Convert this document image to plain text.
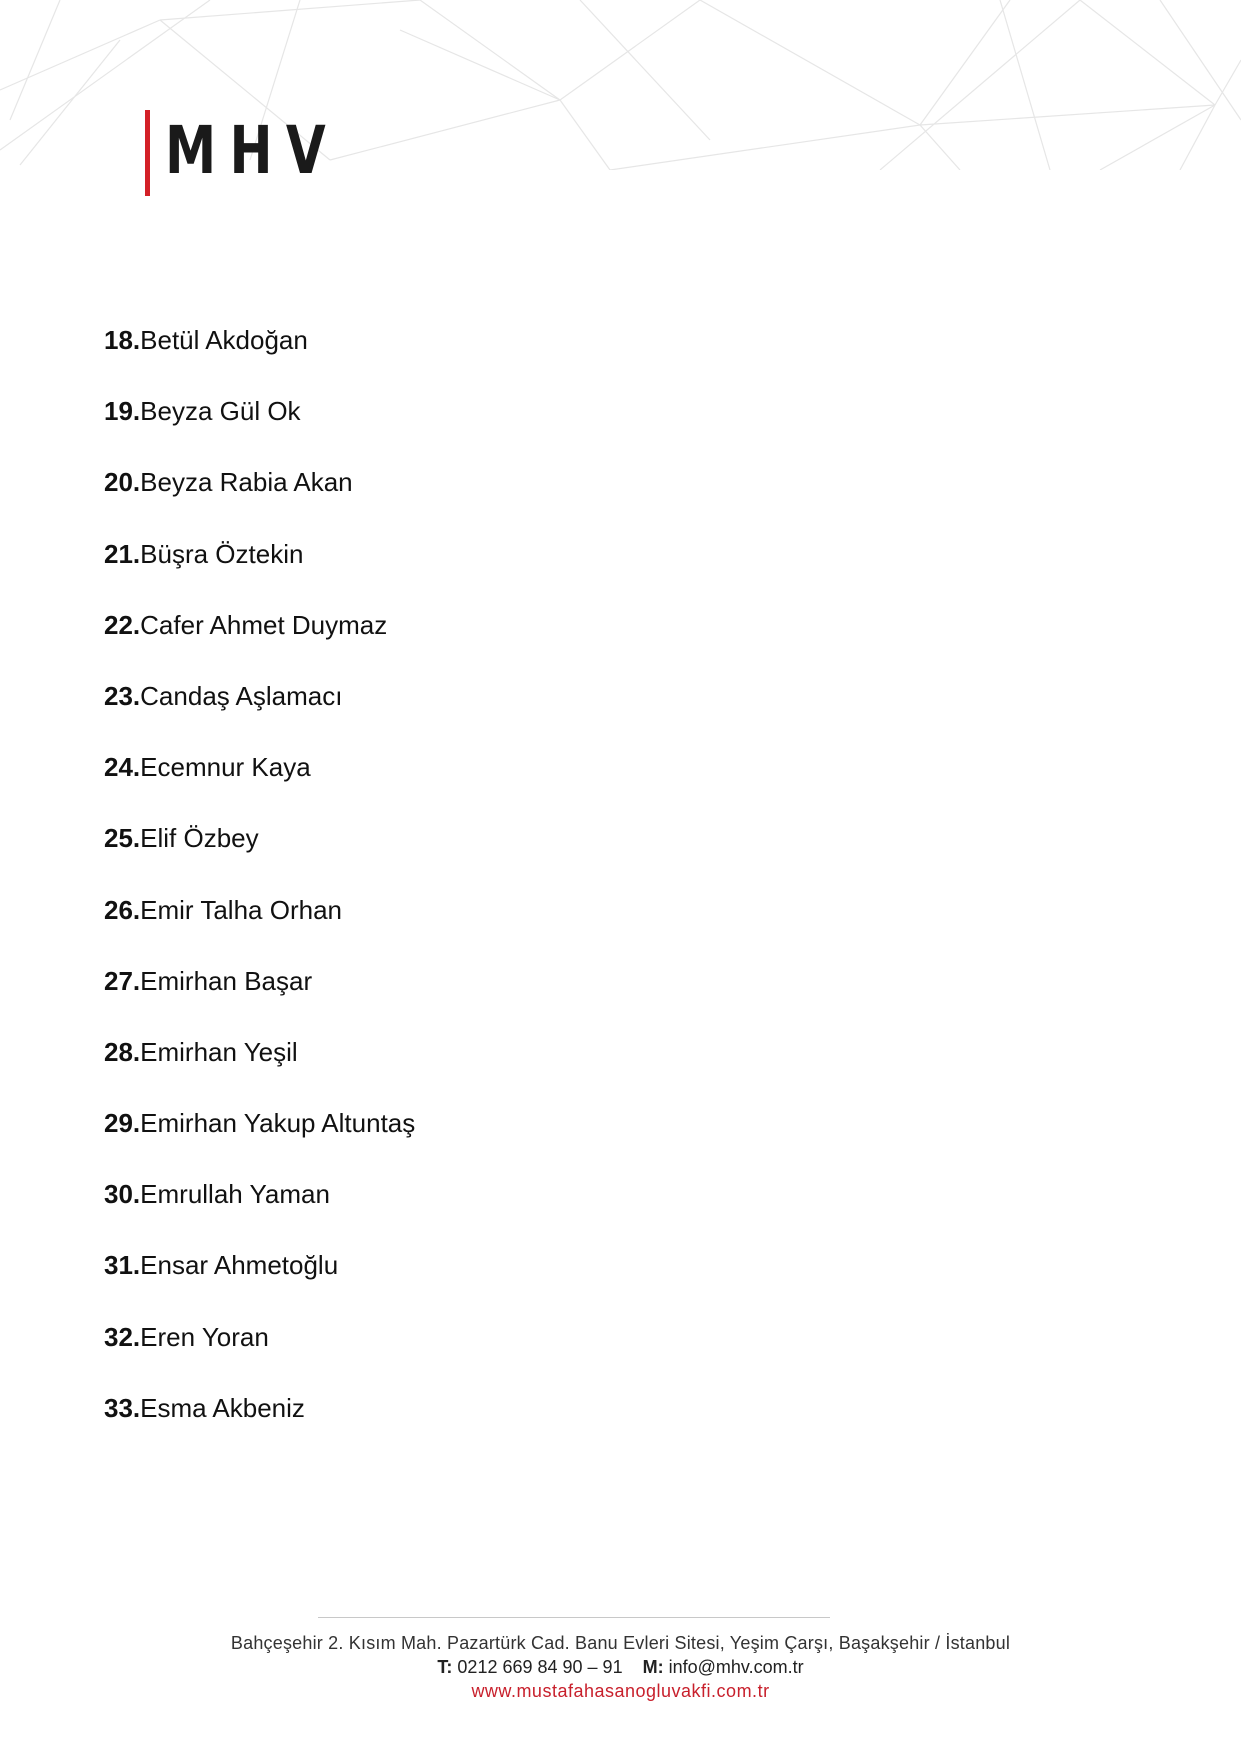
MHV
18.Betül Akdoğan
19.Beyza Gül Ok
20.Beyza Rabia Akan
21.Büşra Öztekin
22.Cafer Ahmet Duymaz
23.Candaş Aşlamacı
24.Ecemnur Kaya
25.Elif Özbey
26.Emir Talha Orhan
27.Emirhan Başar
28.Emirhan Yeşil
29.Emirhan Yakup Altuntaş
30.Emrullah Yaman
31.Ensar Ahmetoğlu
32.Eren Yoran
33.Esma Akbeniz
Bahçeşehir 2. Kısım Mah. Pazartürk Cad. Banu Evleri Sitesi, Yeşim Çarşı, Başakşehir / İstanbul
T: 0212 669 84 90 – 91 M: info@mhv.com.tr
www.mustafahasanogluvakfi.com.tr
